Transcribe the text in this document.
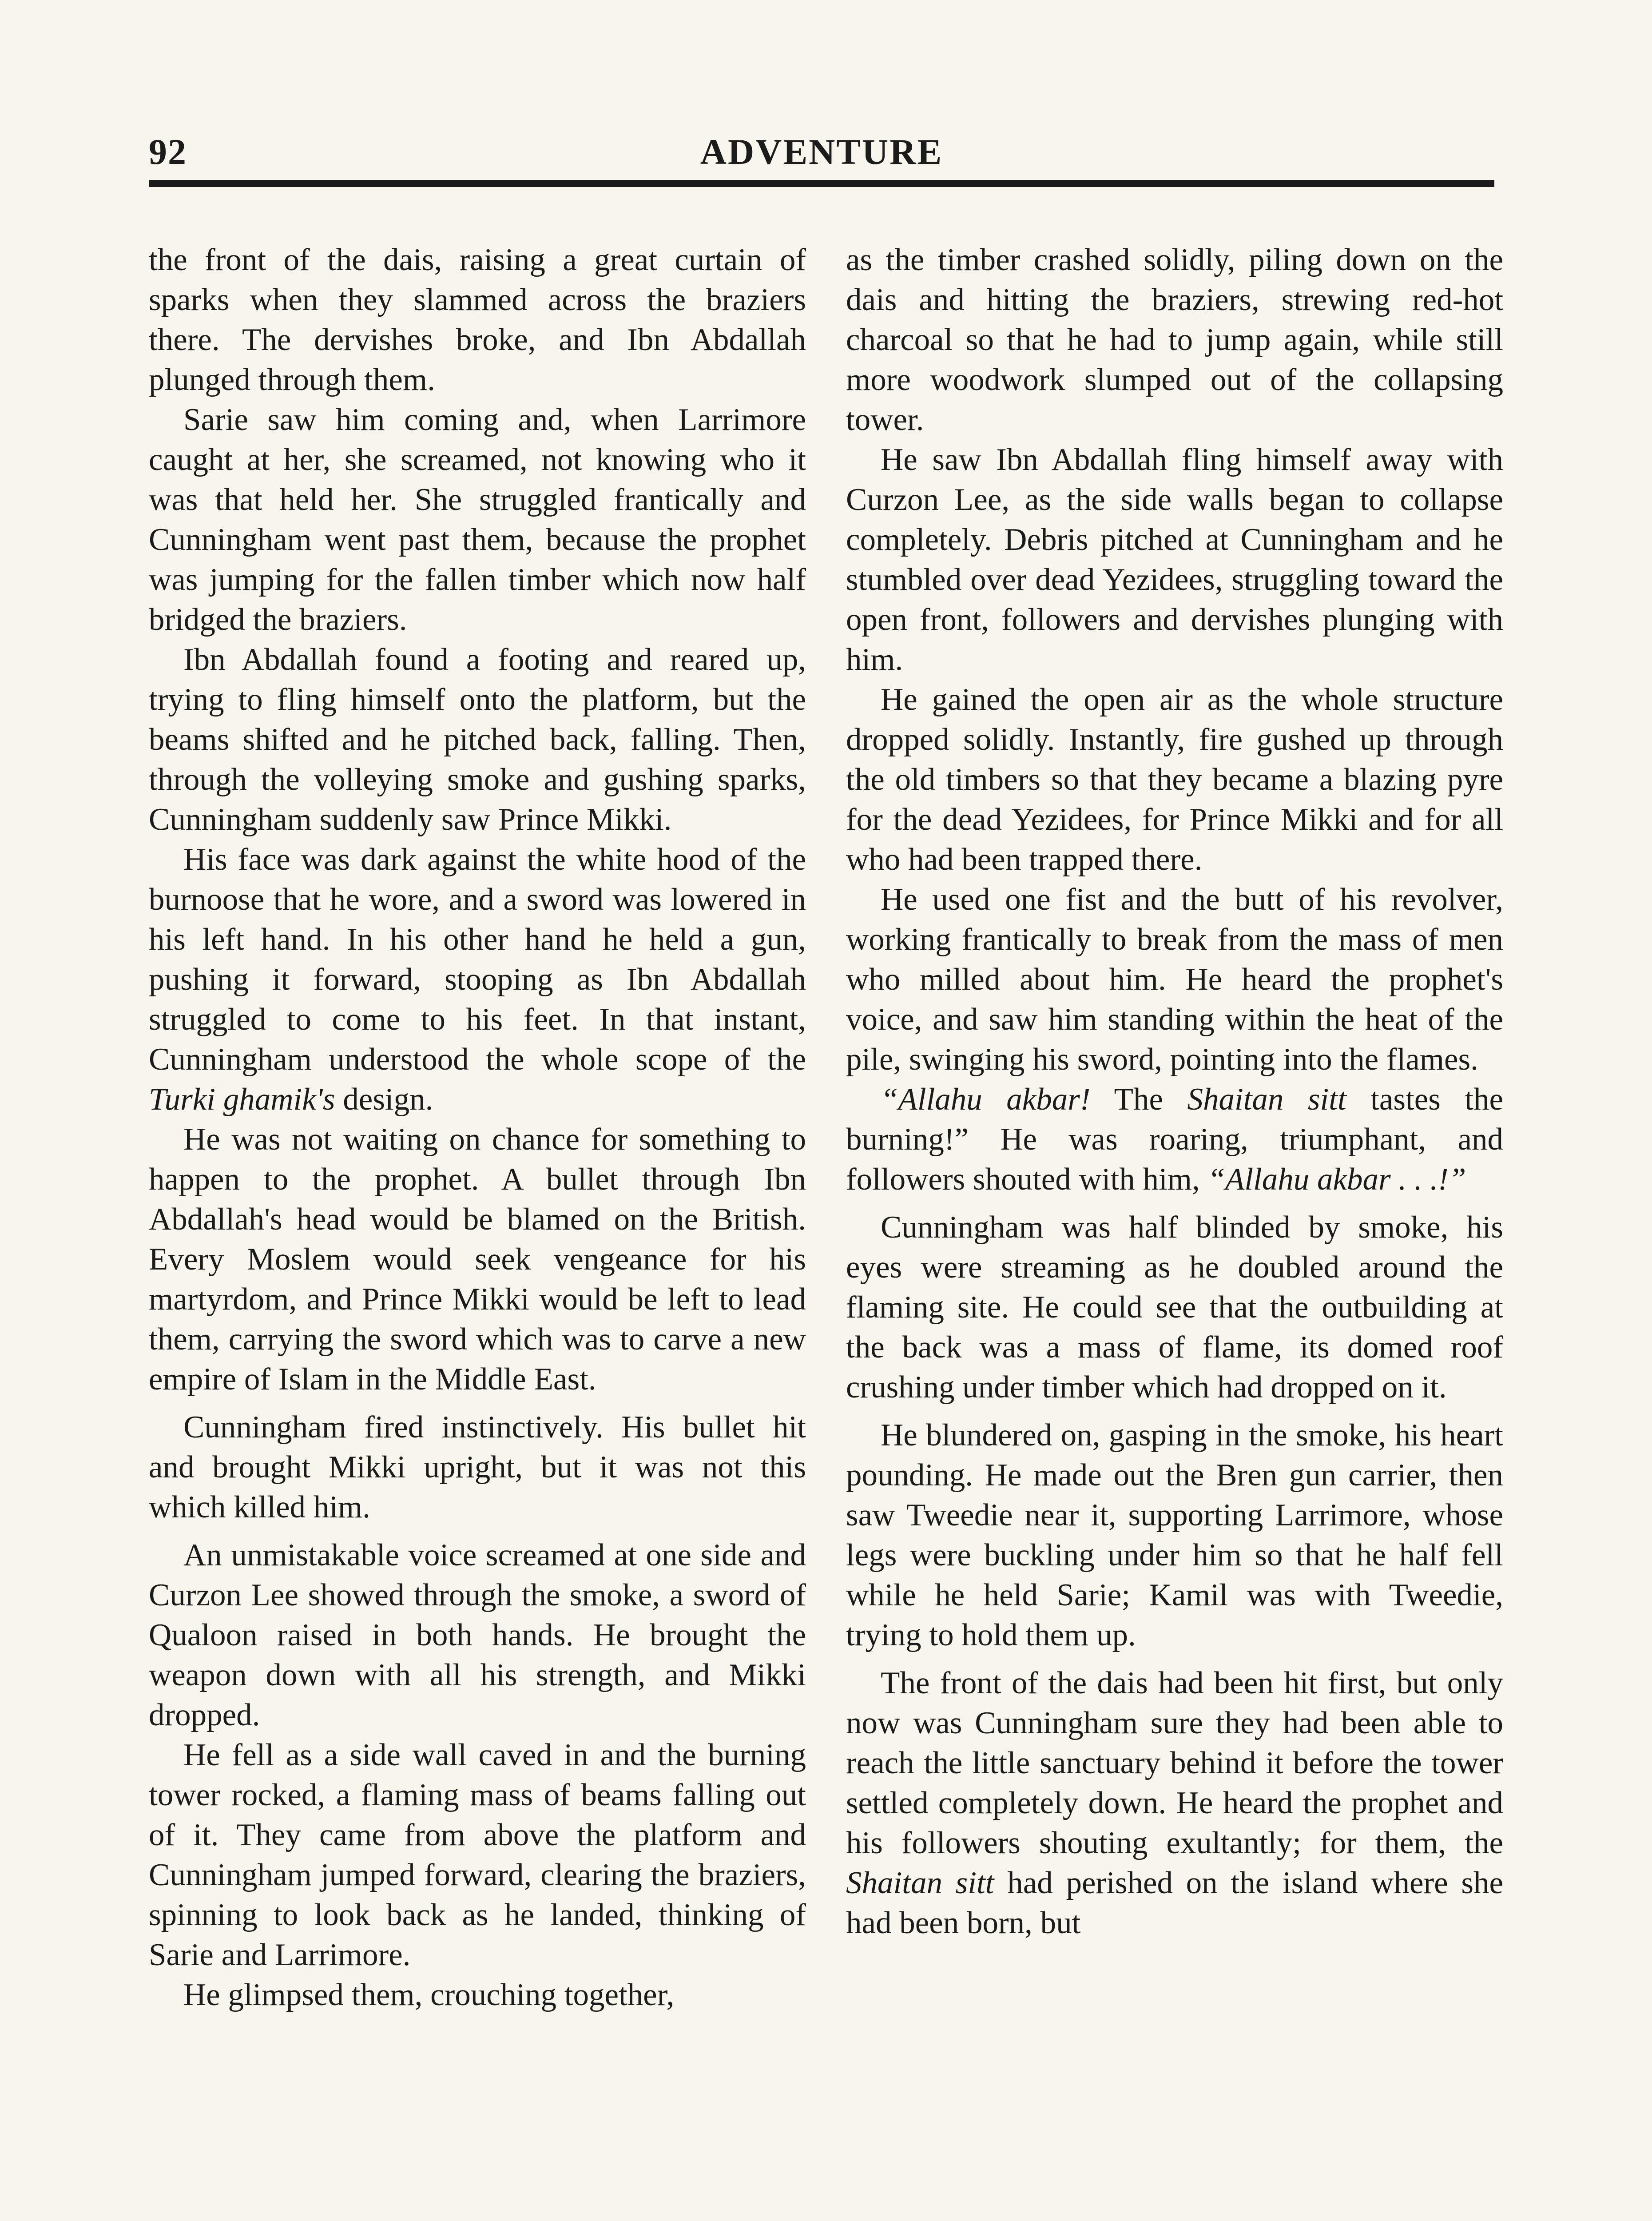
92	ADVENTURE

the front of the dais, raising a great curtain of sparks when they slammed across the braziers there. The dervishes broke, and Ibn Abdallah plunged through them.

Sarie saw him coming and, when Larrimore caught at her, she screamed, not knowing who it was that held her. She struggled frantically and Cunningham went past them, because the prophet was jumping for the fallen timber which now half bridged the braziers.

Ibn Abdallah found a footing and reared up, trying to fling himself onto the platform, but the beams shifted and he pitched back, falling. Then, through the volleying smoke and gushing sparks, Cunningham suddenly saw Prince Mikki.

His face was dark against the white hood of the burnoose that he wore, and a sword was lowered in his left hand. In his other hand he held a gun, pushing it forward, stooping as Ibn Abdallah struggled to come to his feet. In that instant, Cunningham understood the whole scope of the Turki ghamik's design.

He was not waiting on chance for something to happen to the prophet. A bullet through Ibn Abdallah's head would be blamed on the British. Every Moslem would seek vengeance for his martyrdom, and Prince Mikki would be left to lead them, carrying the sword which was to carve a new empire of Islam in the Middle East.

Cunningham fired instinctively. His bullet hit and brought Mikki upright, but it was not this which killed him.

An unmistakable voice screamed at one side and Curzon Lee showed through the smoke, a sword of Qualoon raised in both hands. He brought the weapon down with all his strength, and Mikki dropped.

He fell as a side wall caved in and the burning tower rocked, a flaming mass of beams falling out of it. They came from above the platform and Cunningham jumped forward, clearing the braziers, spinning to look back as he landed, thinking of Sarie and Larrimore.

He glimpsed them, crouching together,

as the timber crashed solidly, piling down on the dais and hitting the braziers, strewing red-hot charcoal so that he had to jump again, while still more woodwork slumped out of the collapsing tower.

He saw Ibn Abdallah fling himself away with Curzon Lee, as the side walls began to collapse completely. Debris pitched at Cunningham and he stumbled over dead Yezidees, struggling toward the open front, followers and dervishes plunging with him.

He gained the open air as the whole structure dropped solidly. Instantly, fire gushed up through the old timbers so that they became a blazing pyre for the dead Yezidees, for Prince Mikki and for all who had been trapped there.

He used one fist and the butt of his revolver, working frantically to break from the mass of men who milled about him. He heard the prophet's voice, and saw him standing within the heat of the pile, swinging his sword, pointing into the flames.

“Allahu akbar! The Shaitan sitt tastes the burning!” He was roaring, triumphant, and followers shouted with him, “Allahu akbar . . .!”

Cunningham was half blinded by smoke, his eyes were streaming as he doubled around the flaming site. He could see that the outbuilding at the back was a mass of flame, its domed roof crushing under timber which had dropped on it.

He blundered on, gasping in the smoke, his heart pounding. He made out the Bren gun carrier, then saw Tweedie near it, supporting Larrimore, whose legs were buckling under him so that he half fell while he held Sarie; Kamil was with Tweedie, trying to hold them up.

The front of the dais had been hit first, but only now was Cunningham sure they had been able to reach the little sanctuary behind it before the tower settled completely down. He heard the prophet and his followers shouting exultantly; for them, the Shaitan sitt had perished on the island where she had been born, but
